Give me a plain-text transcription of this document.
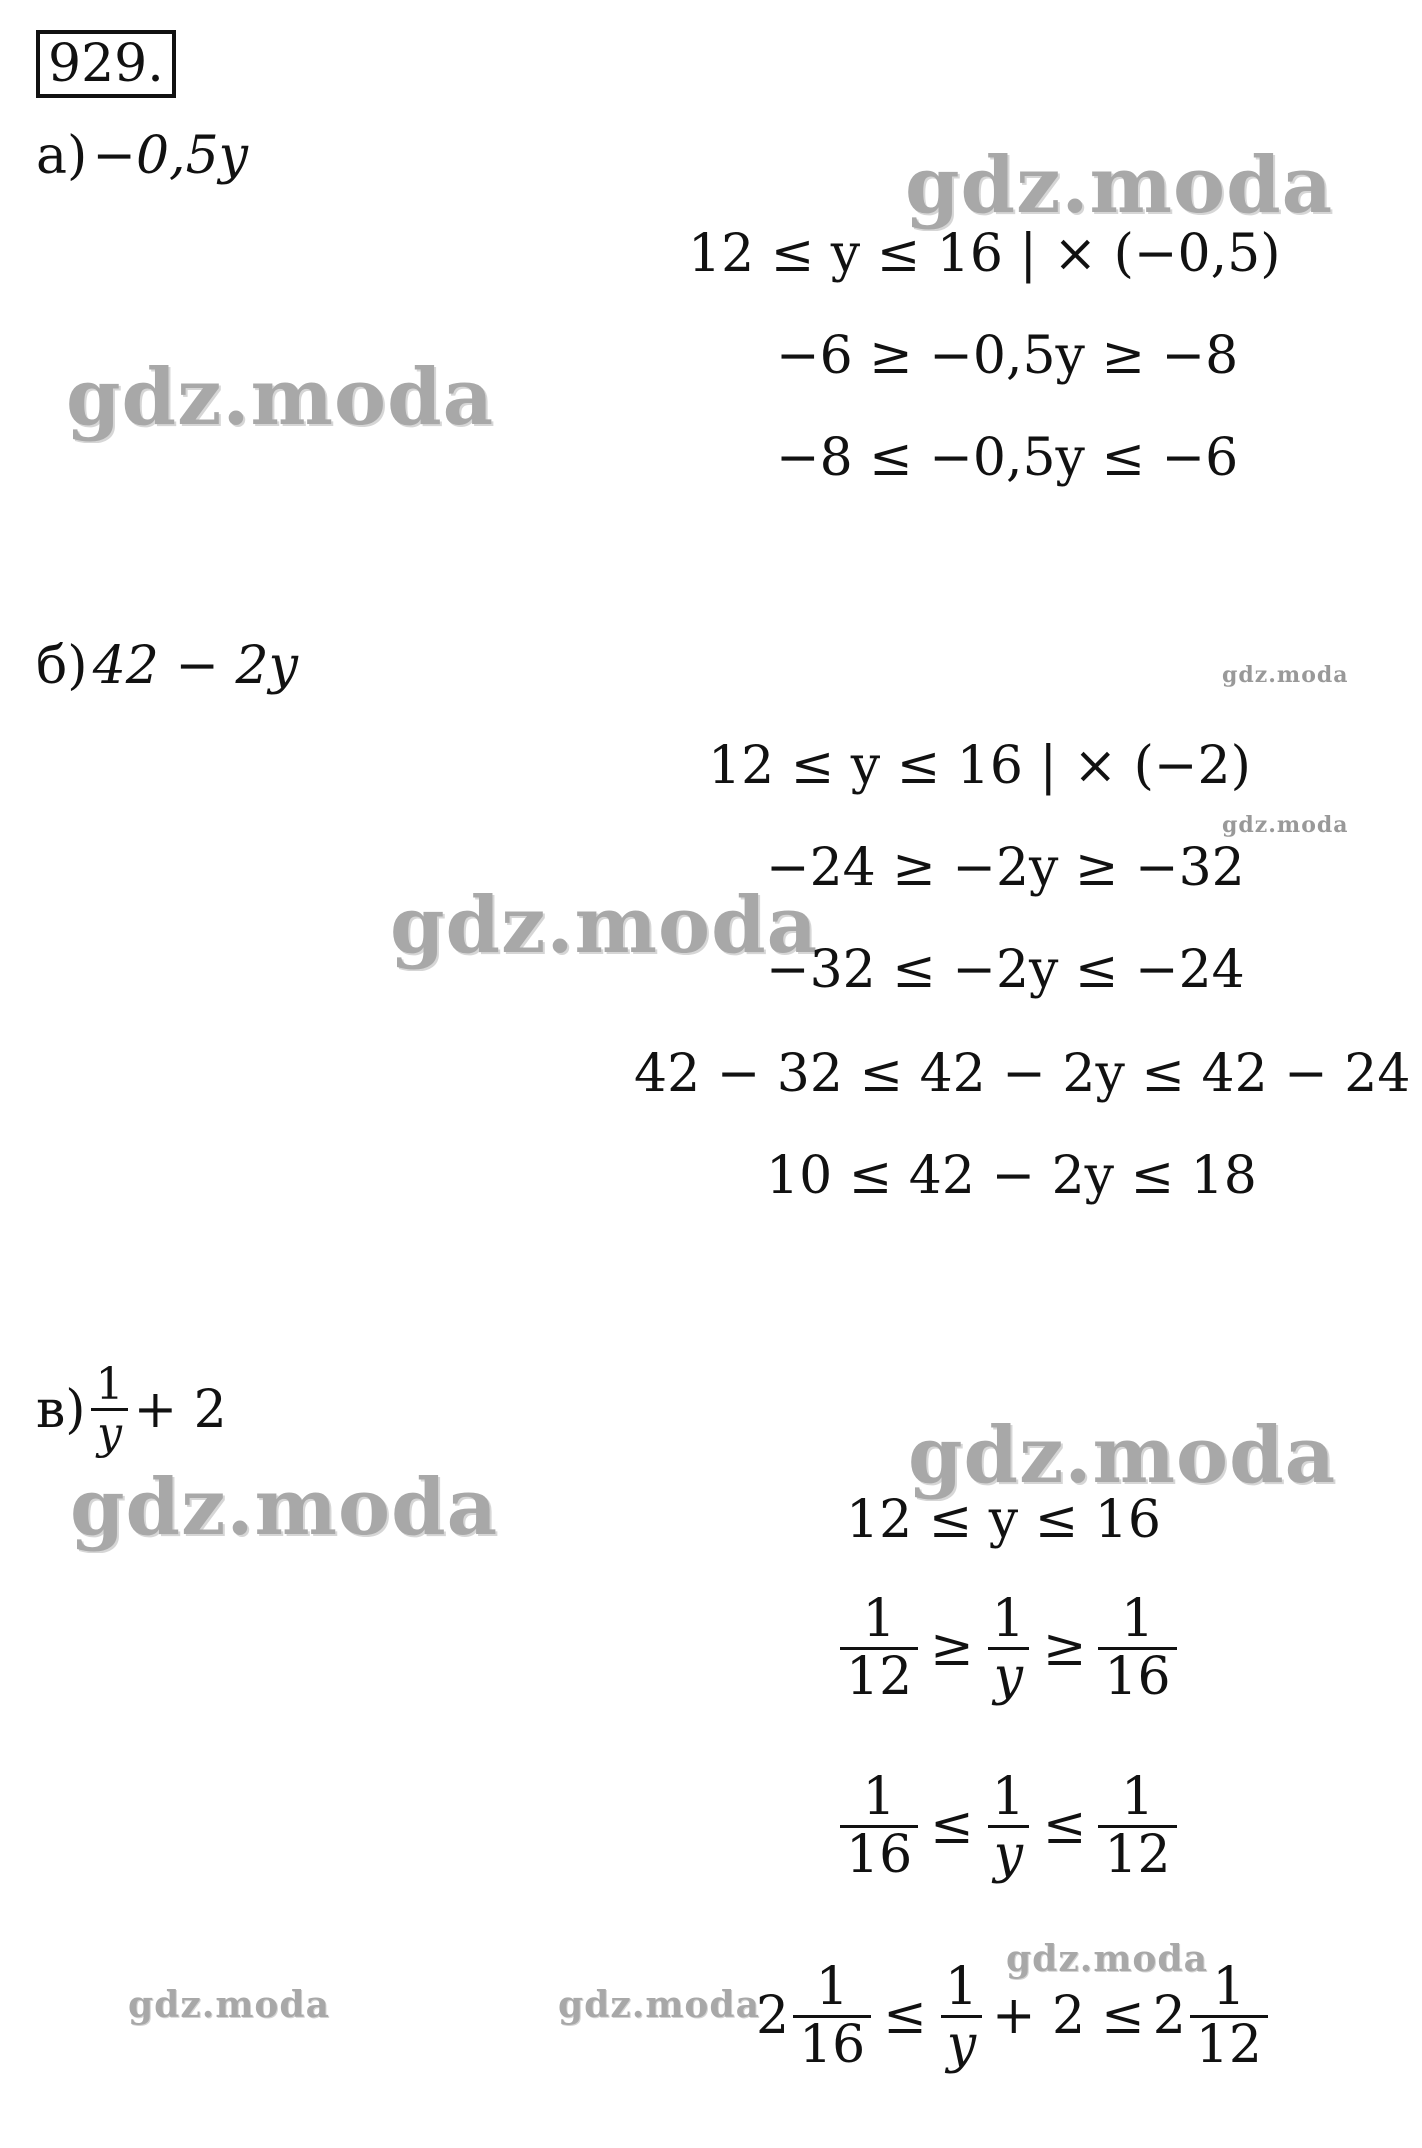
929.
gdz.moda
gdz.moda
gdz.moda
gdz.moda
gdz.moda
gdz.moda
gdz.moda
gdz.moda
gdz.moda	gdz.moda
а) −0,5y
12 ≤ y ≤ 16 | × (−0,5)
−6 ≥ −0,5y ≥ −8
−8 ≤ −0,5y ≤ −6
б) 42 − 2y
12 ≤ y ≤ 16 | × (−2)
−24 ≥ −2y ≥ −32
−32 ≤ −2y ≤ −24
42 − 32 ≤ 42 − 2y ≤ 42 − 24
10 ≤ 42 − 2y ≤ 18
$в) \frac{1}{y} + 2$
12 ≤ y ≤ 16
$\frac{1}{12} \ge \frac{1}{y} \ge \frac{1}{16}$
$\frac{1}{16} \le \frac{1}{y} \le \frac{1}{12}$
$2 \frac{1}{16} \le \frac{1}{y} + 2 \le 2 \frac{1}{12}$
